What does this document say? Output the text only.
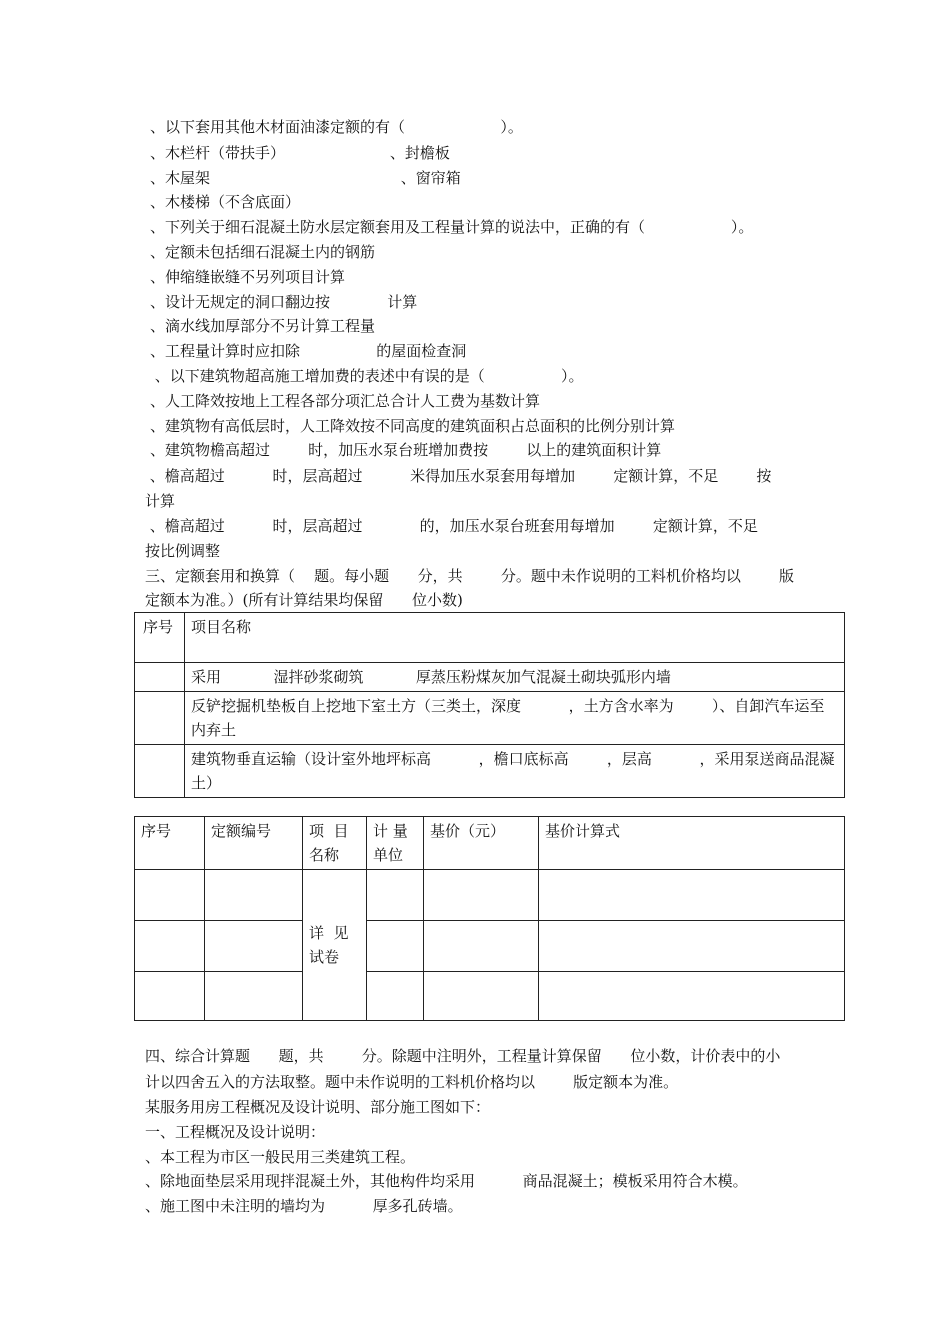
、以下套用其他木材面油漆定额的有（                    ）。
、木栏杆（带扶手）                      、封檐板
、木屋架                                        、窗帘箱
、木楼梯（不含底面）
、下列关于细石混凝土防水层定额套用及工程量计算的说法中，正确的有（                  ）。
、定额未包括细石混凝土内的钢筋
、伸缩缝嵌缝不另列项目计算
、设计无规定的洞口翻边按            计算
、滴水线加厚部分不另计算工程量
、工程量计算时应扣除                的屋面检查洞
、以下建筑物超高施工增加费的表述中有误的是（                ）。
、人工降效按地上工程各部分项汇总合计人工费为基数计算
、建筑物有高低层时，人工降效按不同高度的建筑面积占总面积的比例分别计算
、建筑物檐高超过        时，加压水泵台班增加费按        以上的建筑面积计算
、檐高超过          时，层高超过          米得加压水泵套用每增加        定额计算，不足        按
计算
、檐高超过          时，层高超过            的，加压水泵台班套用每增加        定额计算，不足
按比例调整
三、定额套用和换算（    题。每小题      分，共        分。题中未作说明的工料机价格均以        版
定额本为准。）(所有计算结果均保留      位小数)
序号	项目名称
	采用           湿拌砂浆砌筑           厚蒸压粉煤灰加气混凝土砌块弧形内墙
	反铲挖掘机垫板自上挖地下室土方（三类土，深度          ，土方含水率为        ）、自卸汽车运至         内弃土
	建筑物垂直运输（设计室外地坪标高          ，檐口底标高        ，层高          ，采用泵送商品混凝土）
序号	定额编号	项  目名称	计 量单位	基价（元）	基价计算式
		详  见试卷			

四、综合计算题      题，共        分。除题中注明外，工程量计算保留      位小数，计价表中的小
计以四舍五入的方法取整。题中未作说明的工料机价格均以        版定额本为准。
某服务用房工程概况及设计说明、部分施工图如下：
一、工程概况及设计说明：
、本工程为市区一般民用三类建筑工程。
、除地面垫层采用现拌混凝土外，其他构件均采用          商品混凝土；模板采用符合木模。
、施工图中未注明的墙均为          厚多孔砖墙。
